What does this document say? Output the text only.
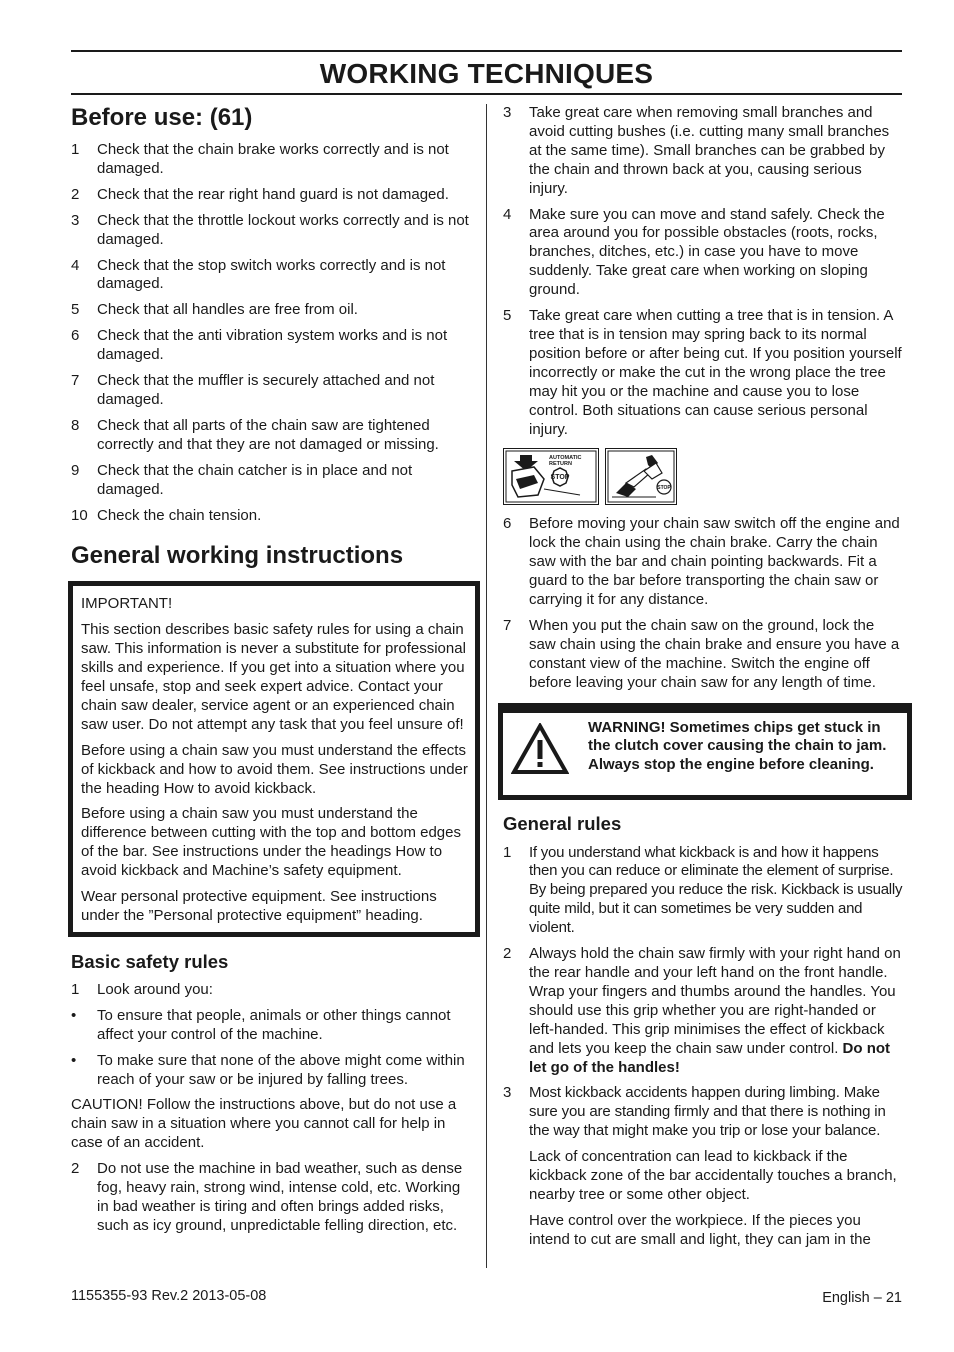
WORKING TECHNIQUES
Before use: (61)
1 Check that the chain brake works correctly and is not damaged.
2 Check that the rear right hand guard is not damaged.
3 Check that the throttle lockout works correctly and is not damaged.
4 Check that the stop switch works correctly and is not damaged.
5 Check that all handles are free from oil.
6 Check that the anti vibration system works and is not damaged.
7 Check that the muffler is securely attached and not damaged.
8 Check that all parts of the chain saw are tightened correctly and that they are not damaged or missing.
9 Check that the chain catcher is in place and not damaged.
10 Check the chain tension.
General working instructions

IMPORTANT!

This section describes basic safety rules for using a chain saw. This information is never a substitute for professional skills and experience. If you get into a situation where you feel unsafe, stop and seek expert advice. Contact your chain saw dealer, service agent or an experienced chain saw user. Do not attempt any task that you feel unsure of!

Before using a chain saw you must understand the effects of kickback and how to avoid them. See instructions under the heading How to avoid kickback.

Before using a chain saw you must understand the difference between cutting with the top and bottom edges of the bar. See instructions under the headings How to avoid kickback and Machine’s safety equipment.

Wear personal protective equipment. See instructions under the ”Personal protective equipment” heading.

Basic safety rules
1 Look around you:
• To ensure that people, animals or other things cannot affect your control of the machine.
• To make sure that none of the above might come within reach of your saw or be injured by falling trees.

CAUTION! Follow the instructions above, but do not use a chain saw in a situation where you cannot call for help in case of an accident.

2 Do not use the machine in bad weather, such as dense fog, heavy rain, strong wind, intense cold, etc. Working in bad weather is tiring and often brings added risks, such as icy ground, unpredictable felling direction, etc.
3 Take great care when removing small branches and avoid cutting bushes (i.e. cutting many small branches at the same time). Small branches can be grabbed by the chain and thrown back at you, causing serious injury.
4 Make sure you can move and stand safely. Check the area around you for possible obstacles (roots, rocks, branches, ditches, etc.) in case you have to move suddenly. Take great care when working on sloping ground.
5 Take great care when cutting a tree that is in tension. A tree that is in tension may spring back to its normal position before or after being cut. If you position yourself incorrectly or make the cut in the wrong place the tree may hit you or the machine and cause you to lose control. Both situations can cause serious personal injury.
STOP
AUTOMATIC
RETURN
STOP
6 Before moving your chain saw switch off the engine and lock the chain using the chain brake. Carry the chain saw with the bar and chain pointing backwards. Fit a guard to the bar before transporting the chain saw or carrying it for any distance.
7 When you put the chain saw on the ground, lock the saw chain using the chain brake and ensure you have a constant view of the machine. Switch the engine off before leaving your chain saw for any length of time.
WARNING! Sometimes chips get stuck in the clutch cover causing the chain to jam. Always stop the engine before cleaning.
General rules
1 If you understand what kickback is and how it happens then you can reduce or eliminate the element of surprise. By being prepared you reduce the risk. Kickback is usually quite mild, but it can sometimes be very sudden and violent.
2 Always hold the chain saw firmly with your right hand on the rear handle and your left hand on the front handle. Wrap your fingers and thumbs around the handles. You should use this grip whether you are right-handed or left-handed. This grip minimises the effect of kickback and lets you keep the chain saw under control. Do not let go of the handles!
3 Most kickback accidents happen during limbing. Make sure you are standing firmly and that there is nothing in the way that might make you trip or lose your balance.

Lack of concentration can lead to kickback if the kickback zone of the bar accidentally touches a branch, nearby tree or some other object.

Have control over the workpiece. If the pieces you intend to cut are small and light, they can jam in the

1155355-93 Rev.2 2013-05-08	English – 21
